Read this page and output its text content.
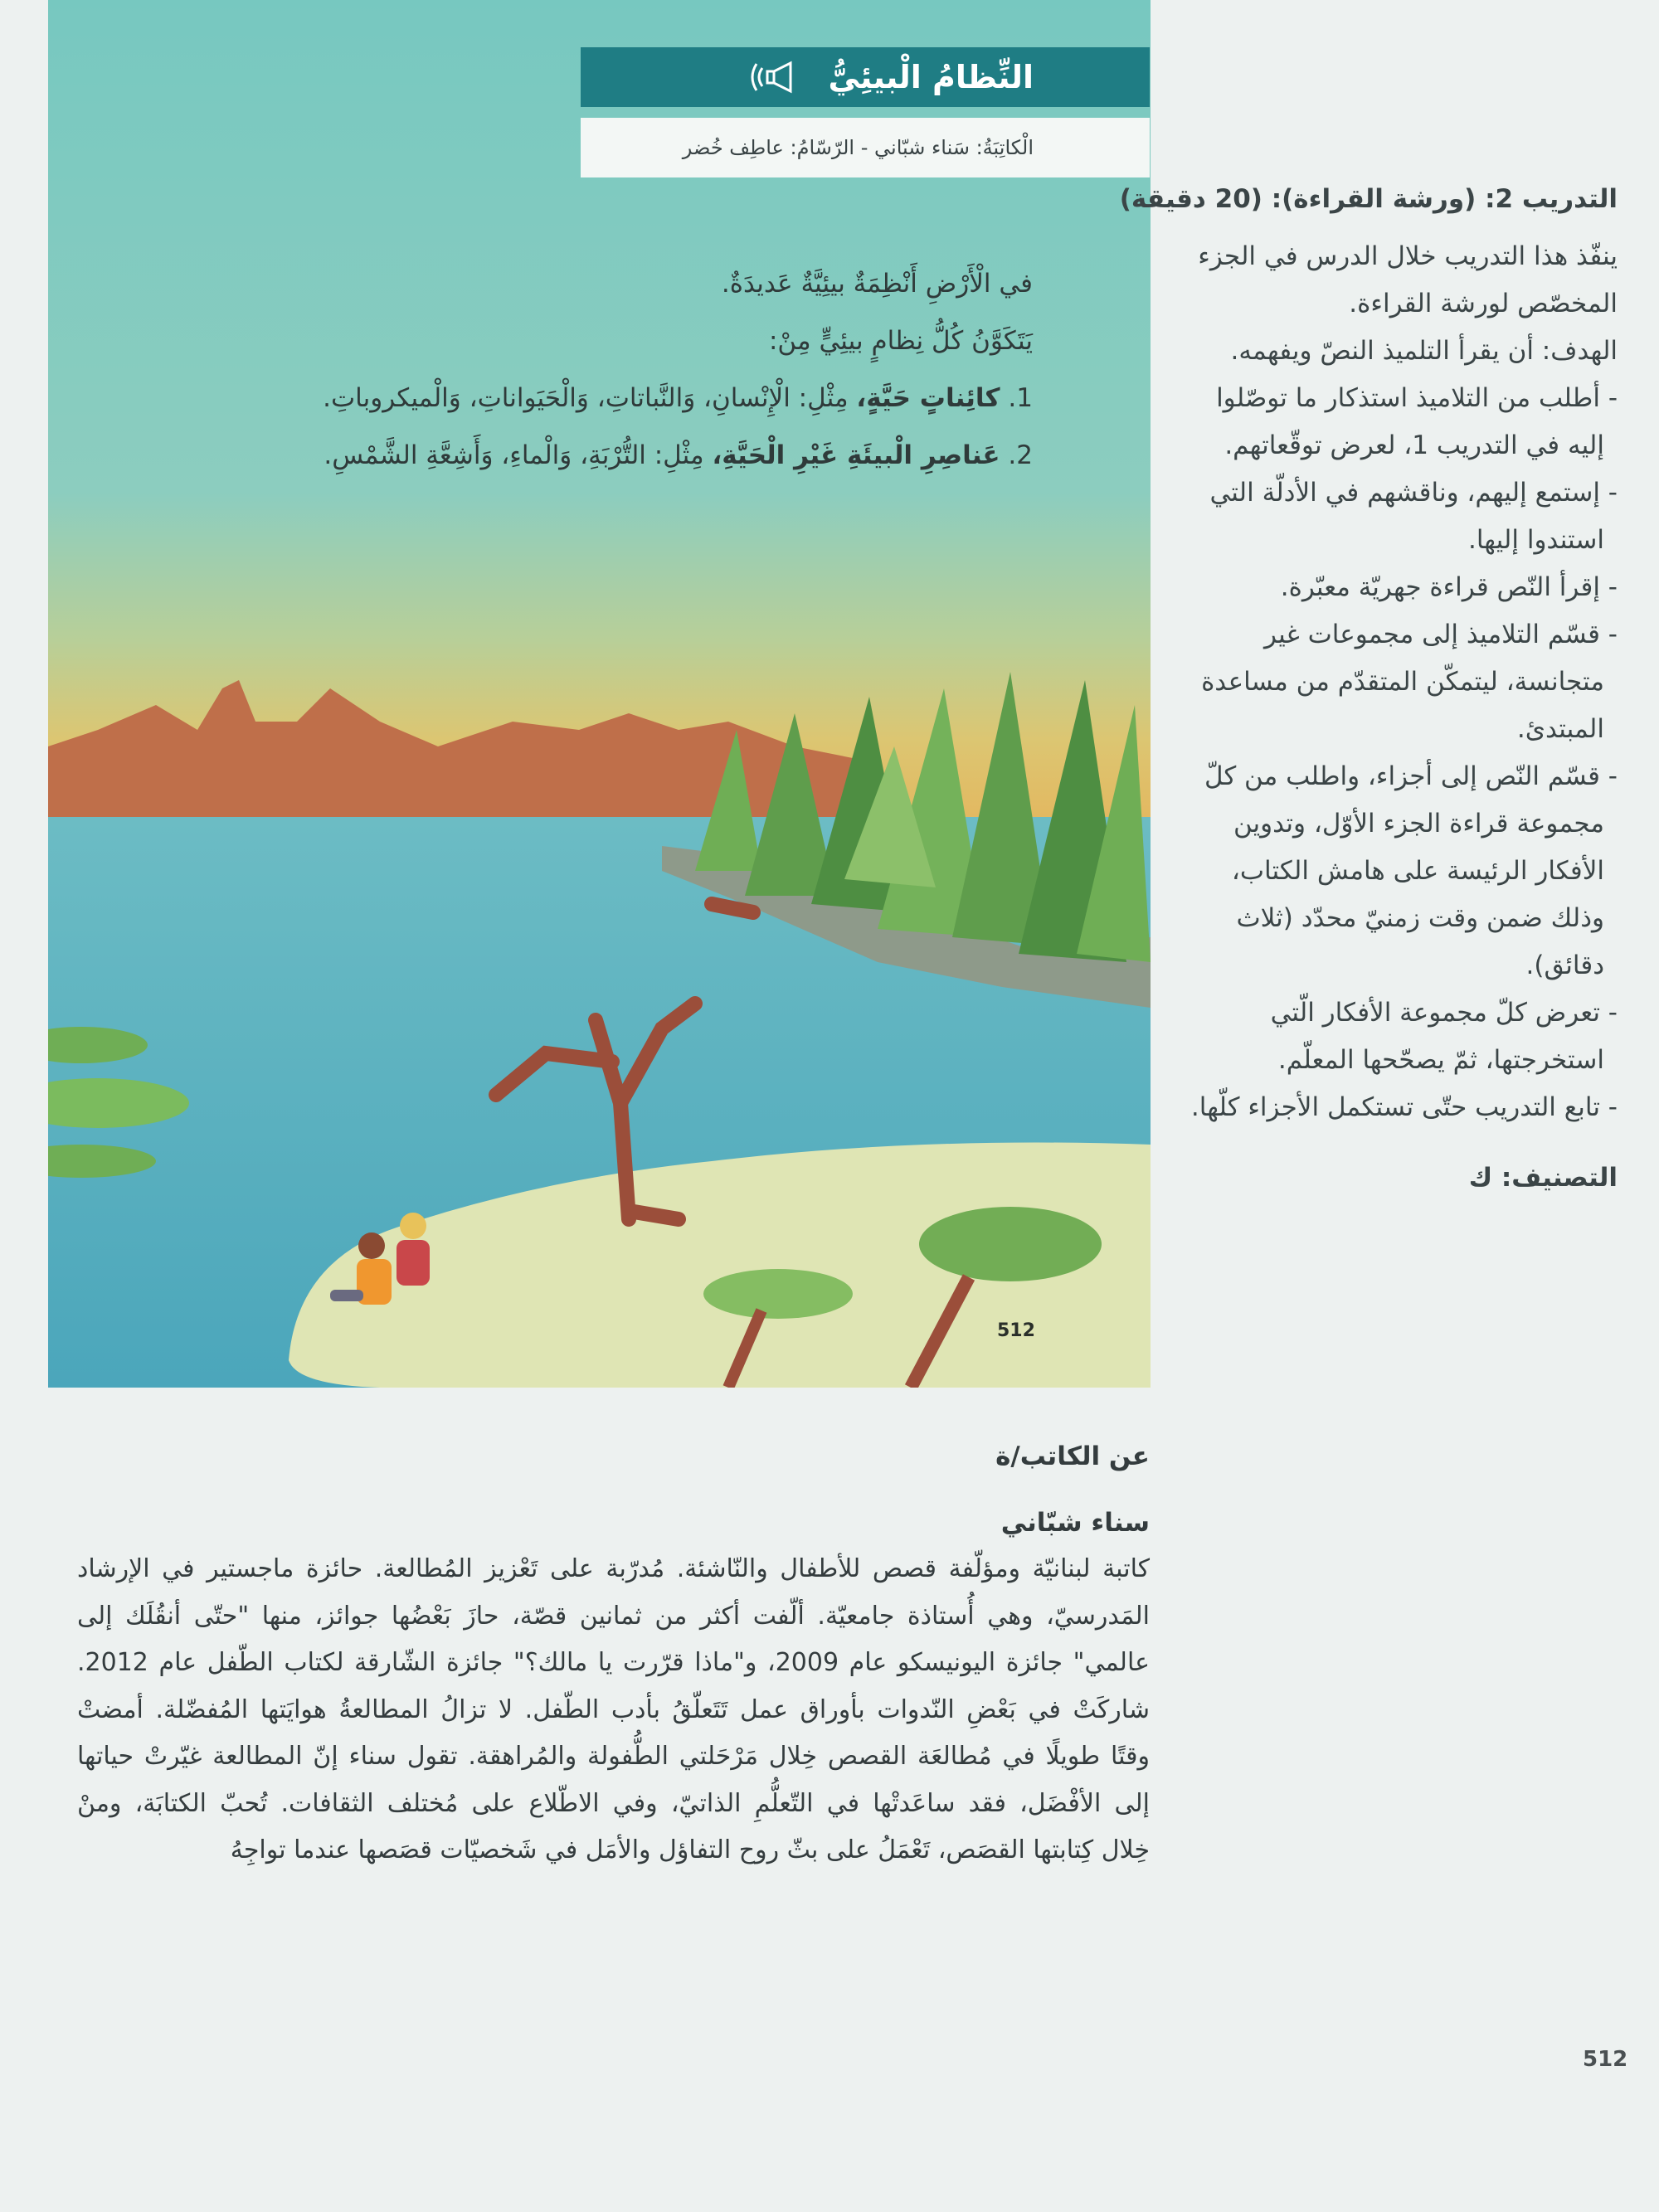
النِّظامُ الْبيئِيُّ
الْكاتِبَةُ: سَناء شبّاني - الرّسّامُ: عاطِف خُضر
في الْأَرْضِ أَنْظِمَةٌ بيئِيَّةٌ عَديدَةٌ.
يَتَكَوَّنُ كُلُّ نِظامٍ بيئِيٍّ مِنْ:
1. كائِناتٍ حَيَّةٍ، مِثْلِ: الْإِنْسانِ، وَالنَّباتاتِ، وَالْحَيَواناتِ، وَالْميكروباتِ.
2. عَناصِرِ الْبيئَةِ غَيْرِ الْحَيَّةِ، مِثْلِ: التُّرْبَةِ، وَالْماءِ، وَأَشِعَّةِ الشَّمْسِ.
512
التدريب 2: (ورشة القراءة): (20 دقيقة)
ينفّذ هذا التدريب خلال الدرس في الجزء
المخصّص لورشة القراءة.
الهدف: أن يقرأ التلميذ النصّ ويفهمه.
- أطلب من التلاميذ استذكار ما توصّلوا
إليه في التدريب 1، لعرض توقّعاتهم.
- إستمع إليهم، وناقشهم في الأدلّة التي
استندوا إليها.
- إقرأ النّص قراءة جهريّة معبّرة.
- قسّم التلاميذ إلى مجموعات غير
متجانسة، ليتمكّن المتقدّم من مساعدة
المبتدئ.
- قسّم النّص إلى أجزاء، واطلب من كلّ
مجموعة قراءة الجزء الأوّل، وتدوين
الأفكار الرئيسة على هامش الكتاب،
وذلك ضمن وقت زمنيّ محدّد (ثلاث
دقائق).
- تعرض كلّ مجموعة الأفكار الّتي
استخرجتها، ثمّ يصحّحها المعلّم.
- تابع التدريب حتّى تستكمل الأجزاء كلّها.
التصنيف: ك
عن الكاتب/ة
سناء شبّاني
كاتبة لبنانيّة ومؤلّفة قصص للأطفال والنّاشئة. مُدرّبة على تَعْزيز المُطالعة. حائزة ماجستير في الإرشاد
المَدرسيّ، وهي أُستاذة جامعيّة. ألّفت أكثر من ثمانين قصّة، حازَ بَعْضُها جوائز، منها "حتّى أنقُلَك إلى
عالمي" جائزة اليونيسكو عام 2009، و"ماذا قرّرت يا مالك؟" جائزة الشّارقة لكتاب الطّفل عام 2012.
شاركَتْ في بَعْضِ النّدوات بأوراق عمل تَتَعلّقُ بأدب الطّفل. لا تزالُ المطالعةُ هوايَتها المُفضّلة. أمضتْ
وقتًا طويلًا في مُطالعَة القصص خِلال مَرْحَلتي الطُّفولة والمُراهقة. تقول سناء إنّ المطالعة غيّرتْ حياتها
إلى الأفْضَل، فقد ساعَدتْها في التّعلُّمِ الذاتيّ، وفي الاطّلاع على مُختلف الثقافات. تُحبّ الكتابَة، ومنْ
خِلال كِتابتها القصَص، تَعْمَلُ على بثّ روح التفاؤل والأمَل في شَخصيّات قصَصها عندما تواجِهُ
512
